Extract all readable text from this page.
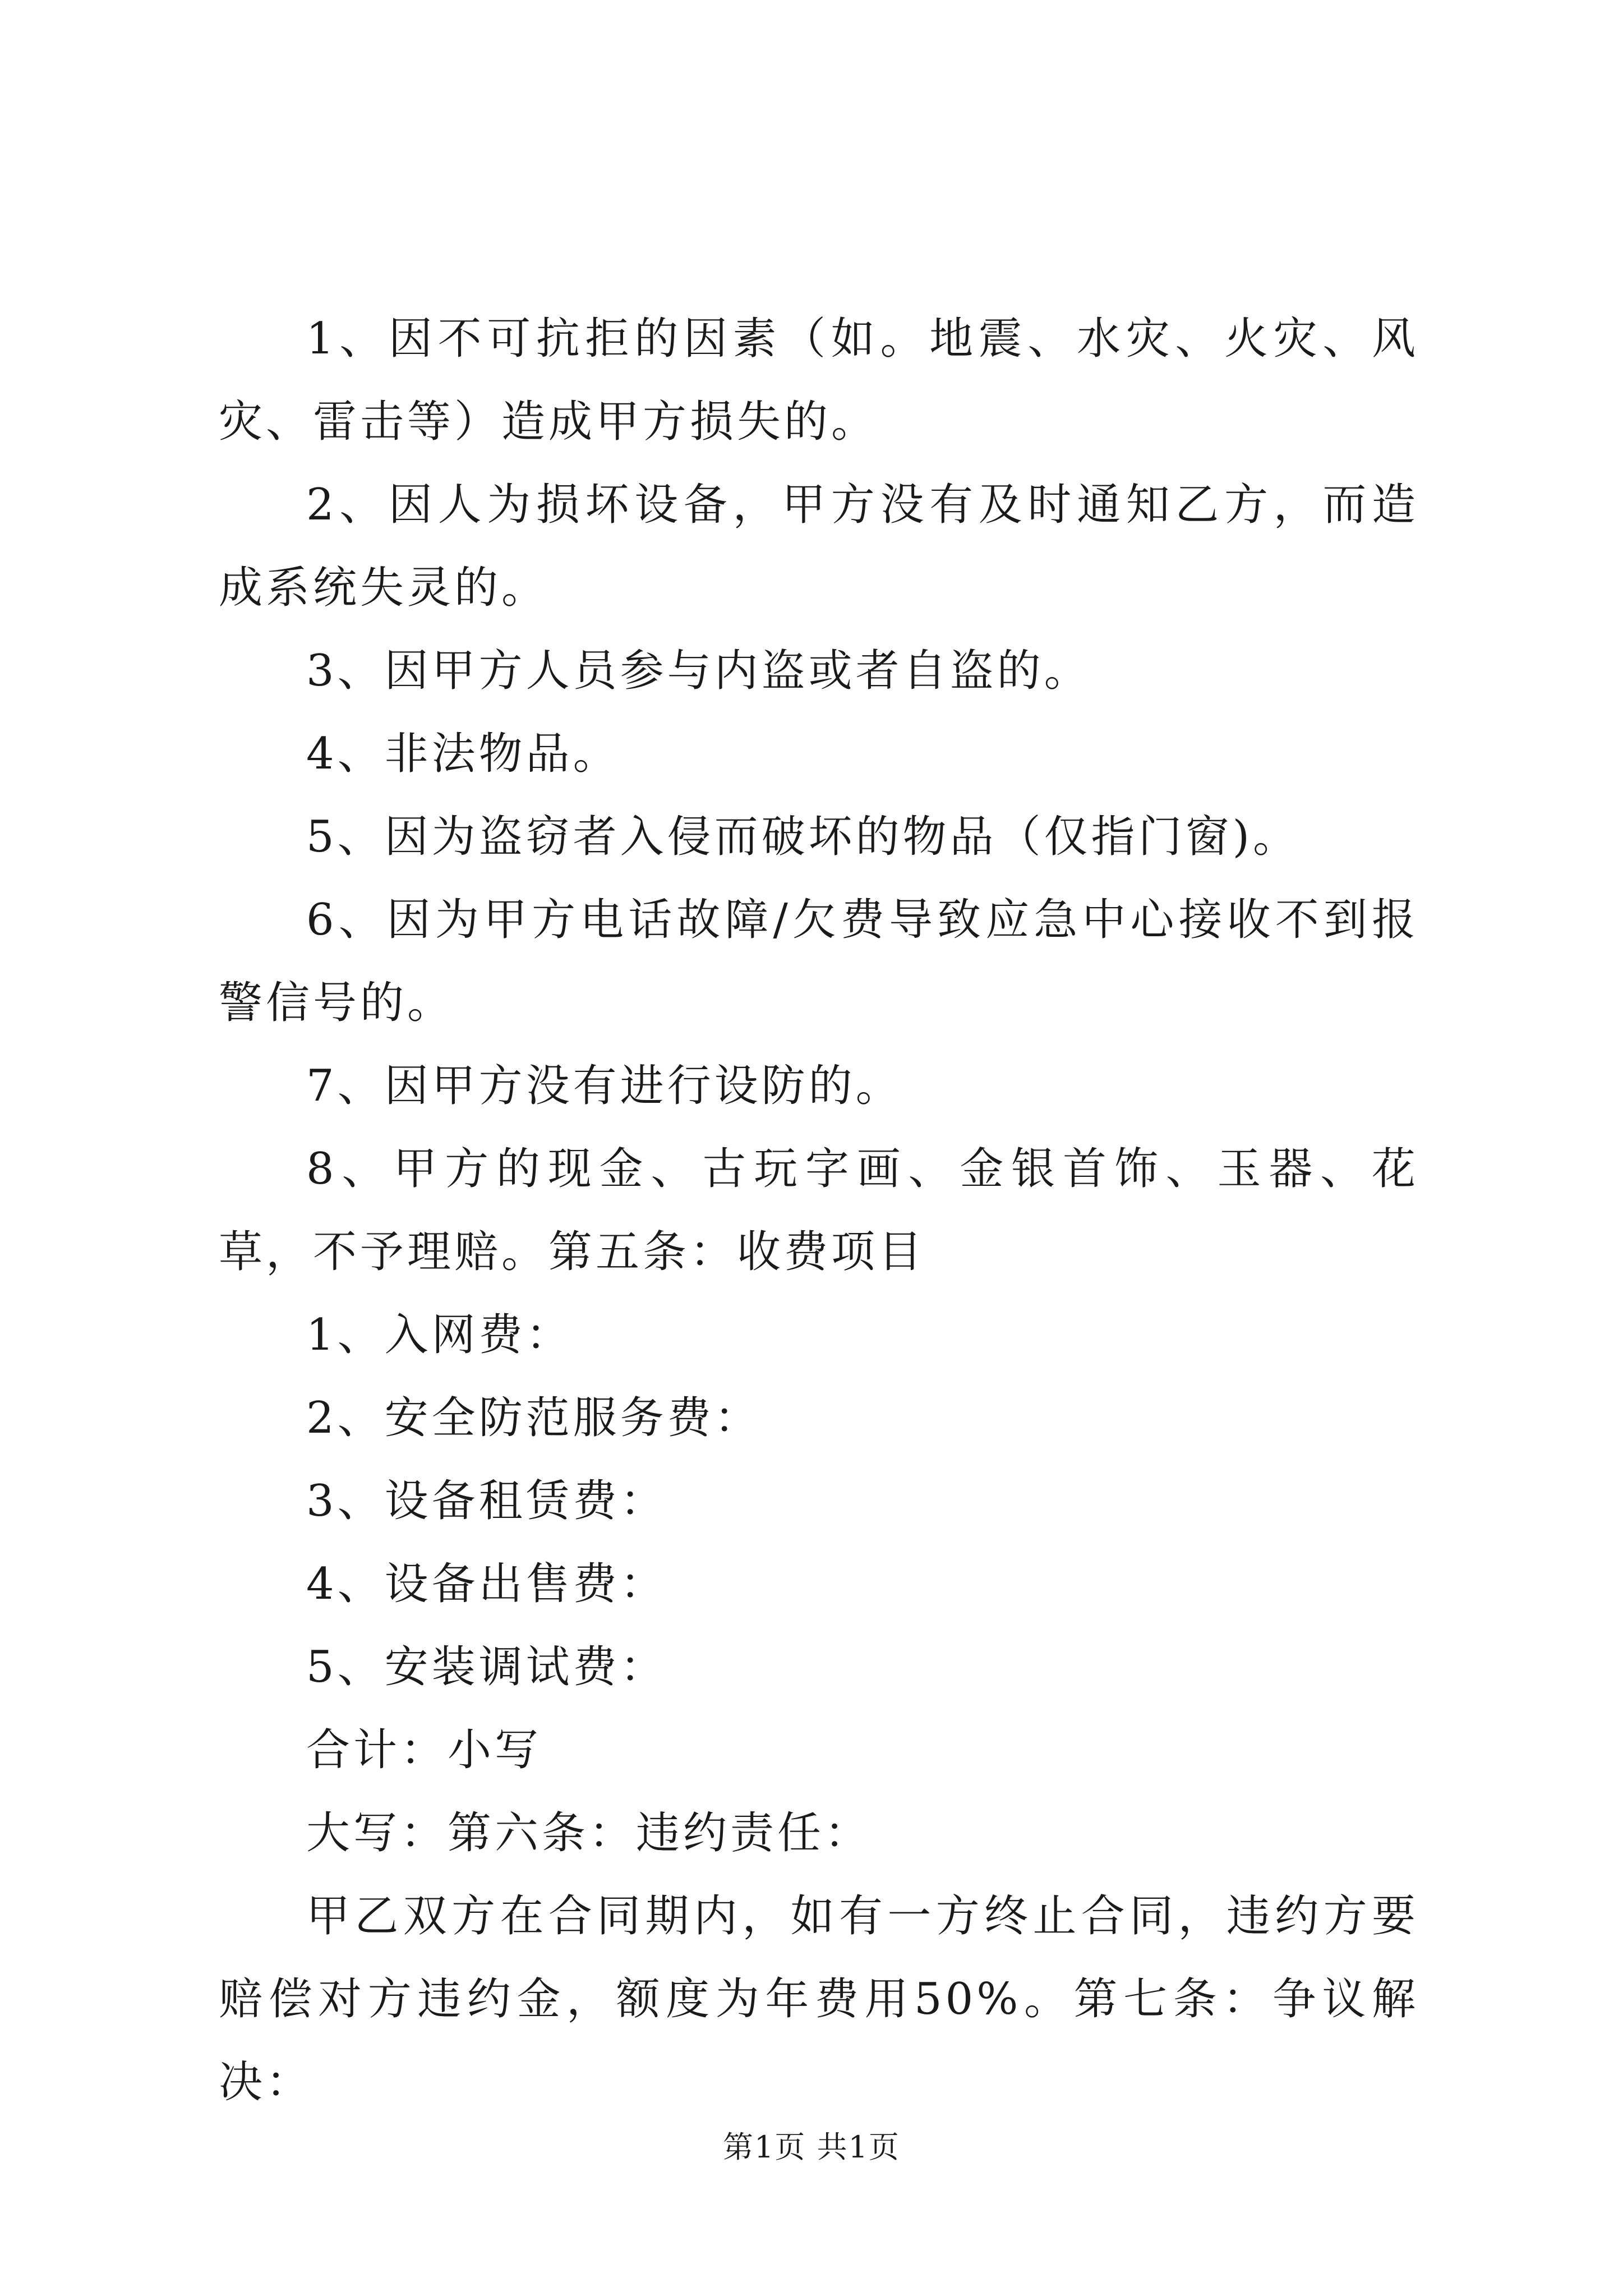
1、因不可抗拒的因素（如。地震、水灾、火灾、风灾、雷击等）造成甲方损失的。

2、因人为损坏设备，甲方没有及时通知乙方，而造成系统失灵的。

3、因甲方人员参与内盗或者自盗的。

4、非法物品。

5、因为盗窃者入侵而破坏的物品（仅指门窗)。

6、因为甲方电话故障/欠费导致应急中心接收不到报警信号的。

7、因甲方没有进行设防的。

8、甲方的现金、古玩字画、金银首饰、玉器、花草，不予理赔。第五条：收费项目

1、入网费：

2、安全防范服务费：

3、设备租赁费：

4、设备出售费：

5、安装调试费：

合计：小写

大写：第六条：违约责任：

甲乙双方在合同期内，如有一方终止合同，违约方要赔偿对方违约金，额度为年费用50%。第七条：争议解决：

第1页 共1页
